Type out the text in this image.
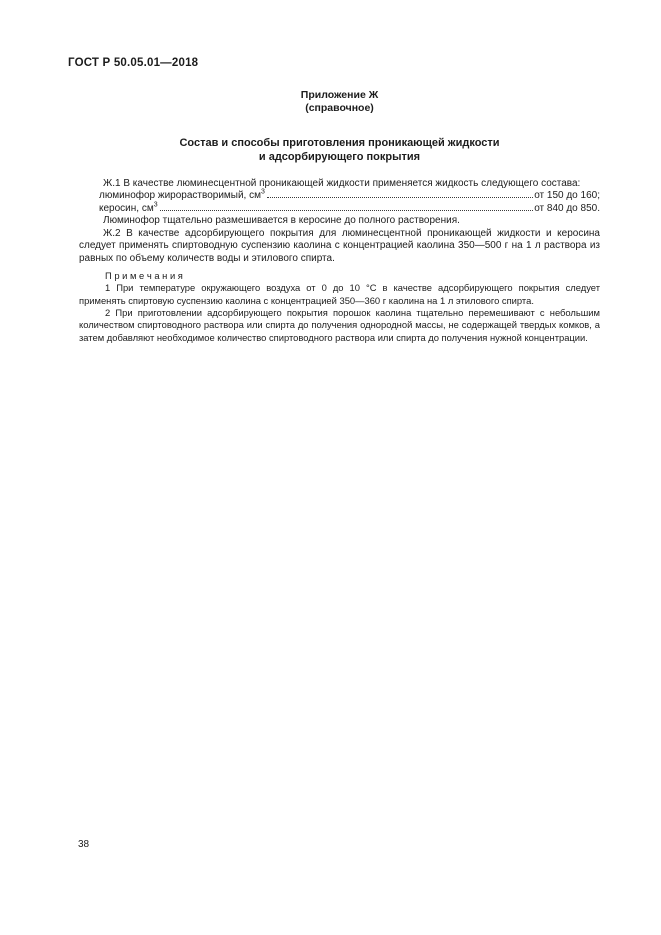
ГОСТ Р 50.05.01—2018
Приложение Ж
(справочное)
Состав и способы приготовления проникающей жидкости
и адсорбирующего покрытия

Ж.1 В качестве люминесцентной проникающей жидкости применяется жидкость следующего состава:

люминофор жирорастворимый, $см^3$	от 150 до 160;
керосин, $см^3$	от 840 до 850.

Люминофор тщательно размешивается в керосине до полного растворения.

Ж.2 В качестве адсорбирующего покрытия для люминесцентной проникающей жидкости и керосина следует применять спиртоводную суспензию каолина с концентрацией каолина 350—500 г на 1 л раствора из равных по объему количеств воды и этилового спирта.

П р и м е ч а н и я

1 При температуре окружающего воздуха от 0 до 10 °С в качестве адсорбирующего покрытия следует применять спиртовую суспензию каолина с концентрацией 350—360 г каолина на 1 л этилового спирта.

2 При приготовлении адсорбирующего покрытия порошок каолина тщательно перемешивают с небольшим количеством спиртоводного раствора или спирта до получения однородной массы, не содержащей твердых комков, а затем добавляют необходимое количество спиртоводного раствора или спирта до получения нужной концентрации.

38
